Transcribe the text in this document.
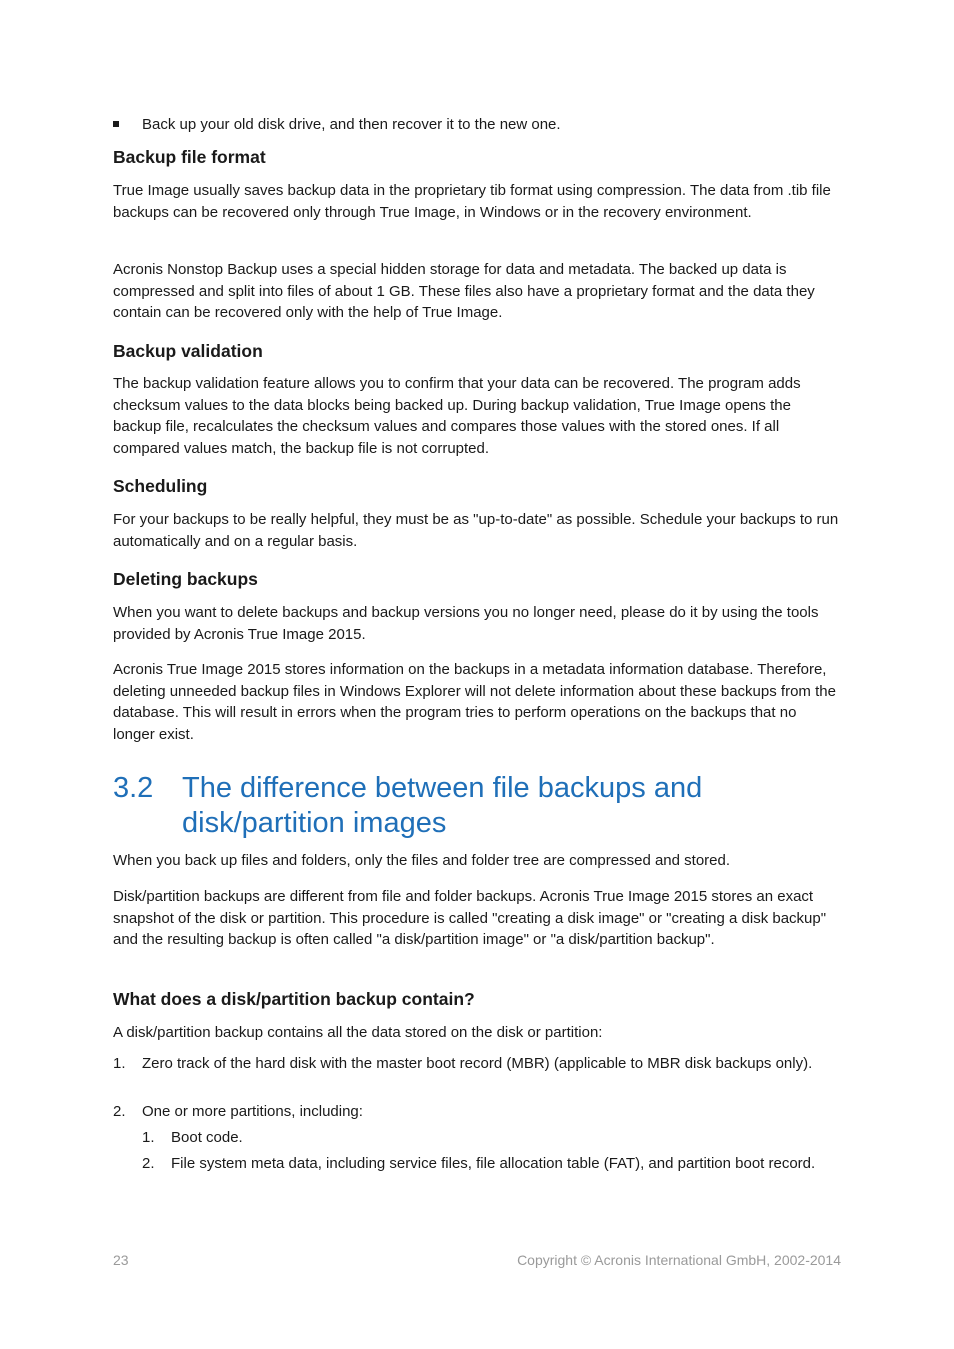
Back up your old disk drive, and then recover it to the new one.
Backup file format

True Image usually saves backup data in the proprietary tib format using compression. The data from .tib file backups can be recovered only through True Image, in Windows or in the recovery environment.

Acronis Nonstop Backup uses a special hidden storage for data and metadata. The backed up data is compressed and split into files of about 1 GB. These files also have a proprietary format and the data they contain can be recovered only with the help of True Image.

Backup validation

The backup validation feature allows you to confirm that your data can be recovered. The program adds checksum values to the data blocks being backed up. During backup validation, True Image opens the backup file, recalculates the checksum values and compares those values with the stored ones. If all compared values match, the backup file is not corrupted.

Scheduling

For your backups to be really helpful, they must be as "up-to-date" as possible. Schedule your backups to run automatically and on a regular basis.

Deleting backups

When you want to delete backups and backup versions you no longer need, please do it by using the tools provided by Acronis True Image 2015.

Acronis True Image 2015 stores information on the backups in a metadata information database. Therefore, deleting unneeded backup files in Windows Explorer will not delete information about these backups from the database. This will result in errors when the program tries to perform operations on the backups that no longer exist.

3.2 The difference between file backups and disk/partition images

When you back up files and folders, only the files and folder tree are compressed and stored.

Disk/partition backups are different from file and folder backups. Acronis True Image 2015 stores an exact snapshot of the disk or partition. This procedure is called "creating a disk image" or "creating a disk backup" and the resulting backup is often called "a disk/partition image" or "a disk/partition backup".

What does a disk/partition backup contain?

A disk/partition backup contains all the data stored on the disk or partition:

1. Zero track of the hard disk with the master boot record (MBR) (applicable to MBR disk backups only).
2. One or more partitions, including:
1. Boot code.
2. File system meta data, including service files, file allocation table (FAT), and partition boot record.
23	Copyright © Acronis International GmbH, 2002-2014
